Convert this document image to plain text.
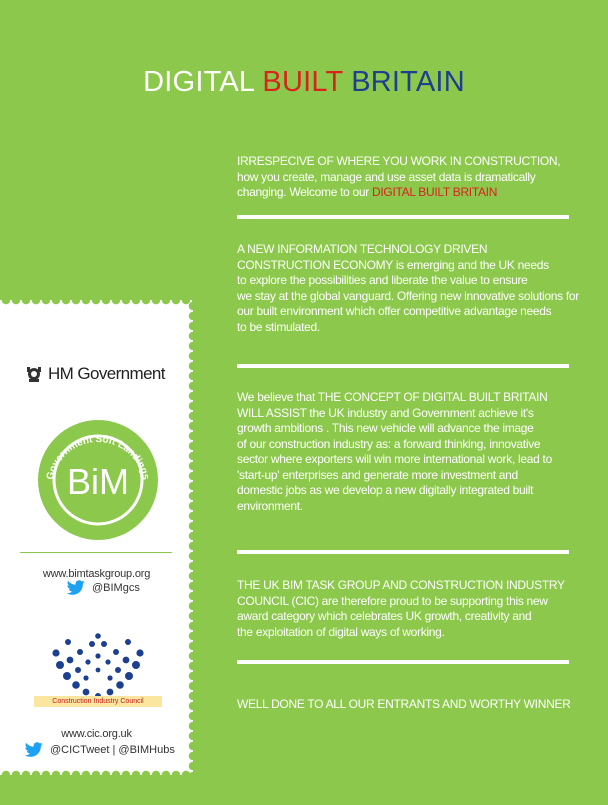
DIGITAL BUILT BRITAIN
IRRESPECIVE OF WHERE YOU WORK IN CONSTRUCTION,
how you create, manage and use asset data is dramatically
changing. Welcome to our DIGITAL BUILT BRITAIN
A NEW INFORMATION TECHNOLOGY DRIVEN
CONSTRUCTION ECONOMY is emerging and the UK needs
to explore the possibilities and liberate the value to ensure
we stay at the global vanguard. Offering new innovative solutions for
our built environment which offer competitive advantage needs
to be stimulated.
We believe that THE CONCEPT OF DIGITAL BUILT BRITAIN
WILL ASSIST the UK industry and Government achieve it's
growth ambitions . This new vehicle will advance the image
of our construction industry as: a forward thinking, innovative
sector where exporters will win more international work, lead to
'start-up' enterprises and generate more investment and
domestic jobs as we develop a new digitally integrated built
environment.
THE UK BIM TASK GROUP AND CONSTRUCTION INDUSTRY
COUNCIL (CIC) are therefore proud to be supporting this new
award category which celebrates UK growth, creativity and
the exploitation of digital ways of working.
WELL DONE TO ALL OUR ENTRANTS AND WORTHY WINNER
HM Government
Government Soft Landings
BiM
www.bimtaskgroup.org
@BIMgcs
Construction Industry Council
www.cic.org.uk
@CICTweet | @BIMHubs
